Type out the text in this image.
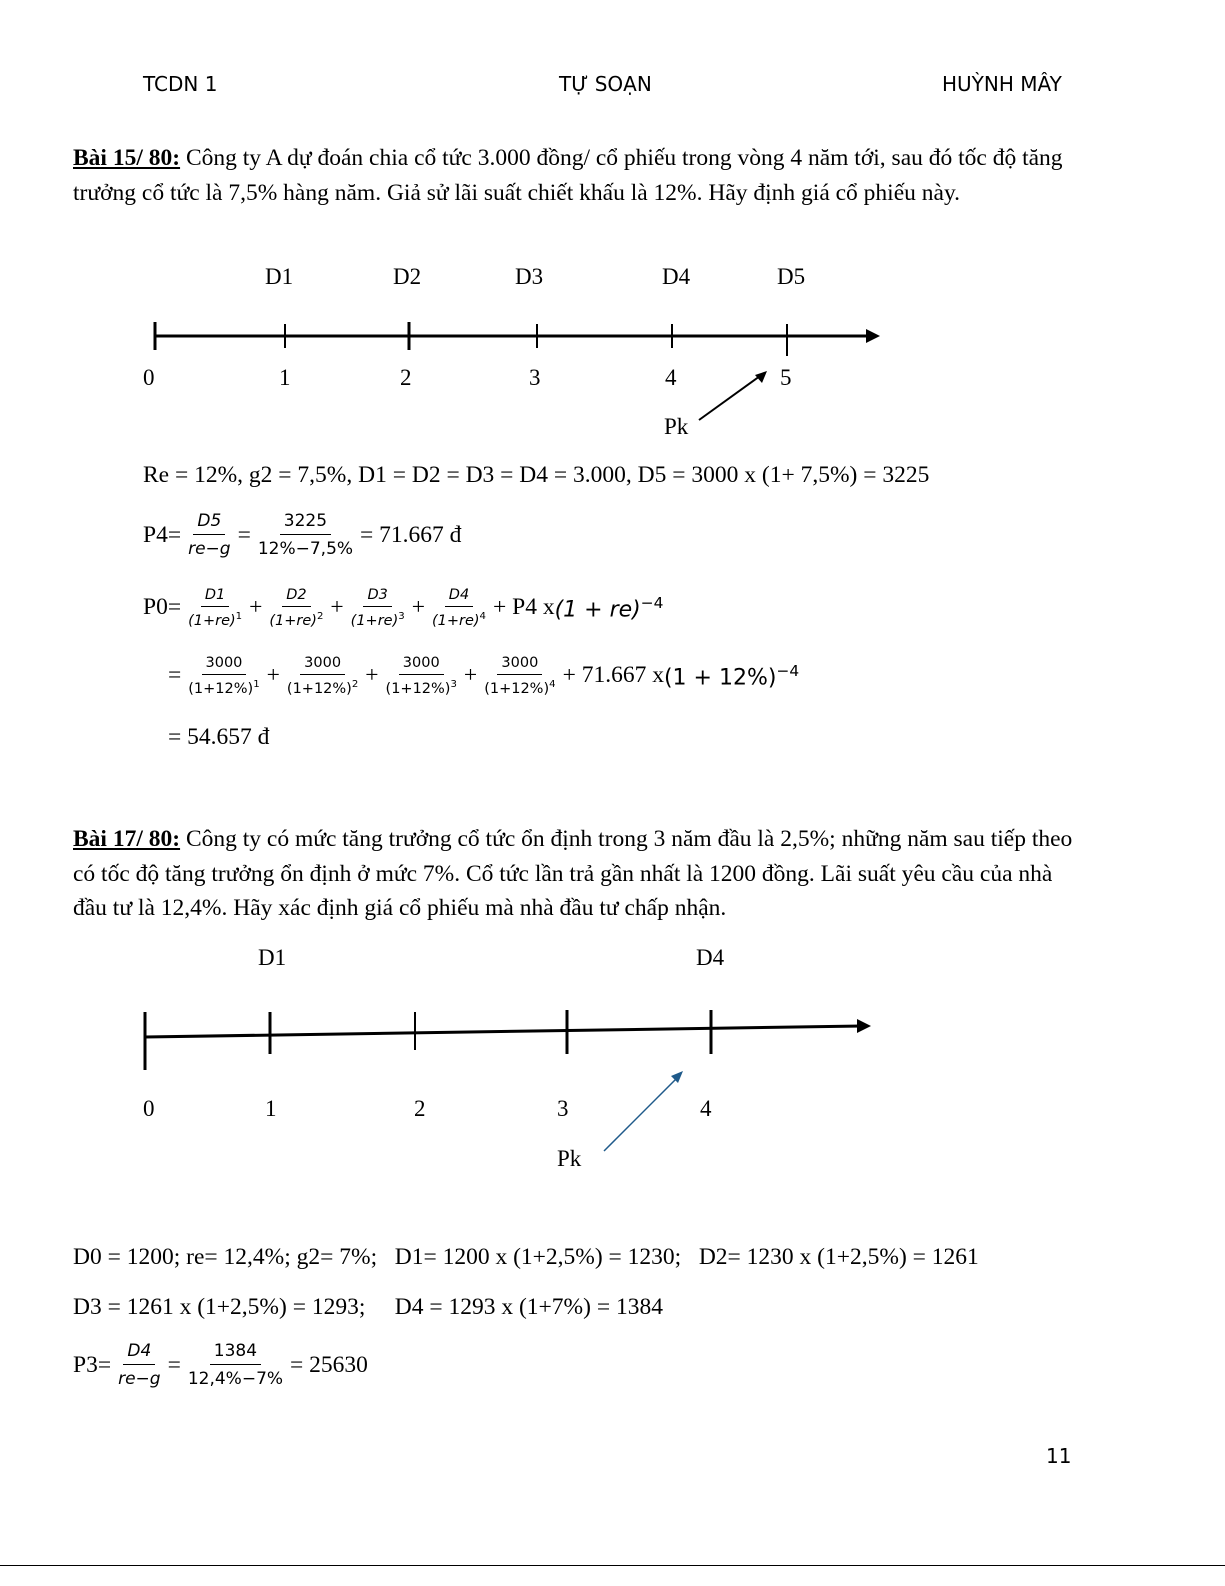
TCDN 1	TỰ SOẠN	HUỲNH MÂY
Bài 15/ 80: Công ty A dự đoán chia cổ tức 3.000 đồng/ cổ phiếu trong vòng 4 năm tới, sau đó tốc độ tăng trưởng cổ tức là 7,5% hàng năm. Giả sử lãi suất chiết khấu là 12%. Hãy định giá cổ phiếu này.
D1	D2	D3	D4	D5
0	1	2	3	4	5
Pk
Re = 12%, g2 = 7,5%, D1 = D2 = D3 = D4 = 3.000, D5 = 3000 x (1+ 7,5%) = 3225
$P4= \frac{D5}{re-g} = \frac{3225}{12\%-7,5\%} = 71.667$ đ
$P0= \frac{D1}{(1+re)^1} + \frac{D2}{(1+re)^2} + \frac{D3}{(1+re)^3} + \frac{D4}{(1+re)^4} + P4$ x (1 + re)$^{-4}$
= $\frac{3000}{(1+12\%)^1} + \frac{3000}{(1+12\%)^2} + \frac{3000}{(1+12\%)^3} + \frac{3000}{(1+12\%)^4} + 71.667$ x $(1 + 12\%)^{-4}$
= 54.657 đ
Bài 17/ 80: Công ty có mức tăng trưởng cổ tức ổn định trong 3 năm đầu là 2,5%; những năm sau tiếp theo có tốc độ tăng trưởng ổn định ở mức 7%. Cổ tức lần trả gần nhất là 1200 đồng. Lãi suất yêu cầu của nhà đầu tư là 12,4%. Hãy xác định giá cổ phiếu mà nhà đầu tư chấp nhận.
D1	D4
0	1	2	3	4
Pk
D0 = 1200; re= 12,4%; g2= 7%;   D1= 1200 x (1+2,5%) = 1230;   D2= 1230 x (1+2,5%) = 1261
D3 = 1261 x (1+2,5%) = 1293;     D4 = 1293 x (1+7%) = 1384
$P3= \frac{D4}{re-g} = \frac{1384}{12,4\%-7\%} = 25630$
11
